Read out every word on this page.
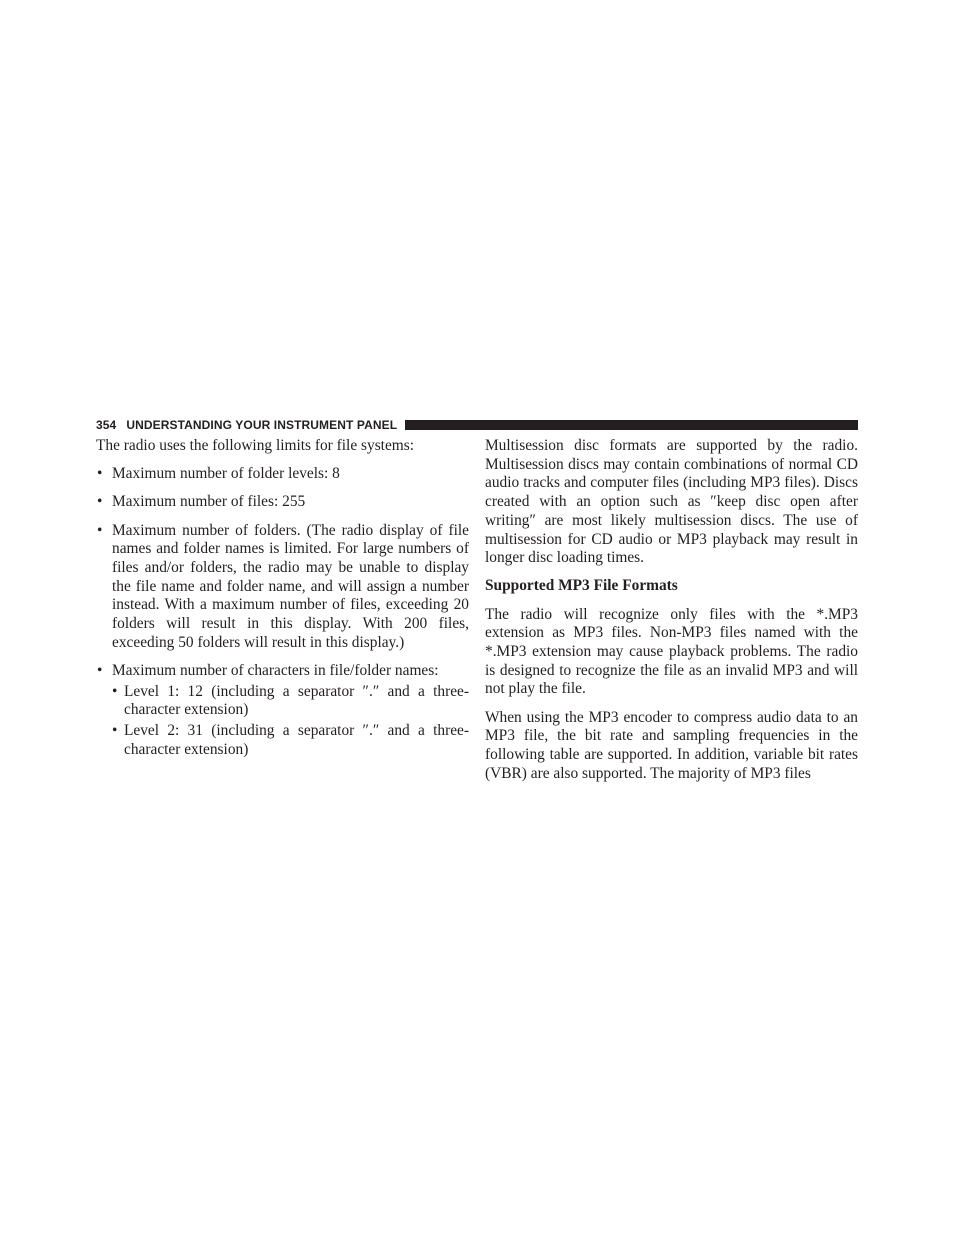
354 UNDERSTANDING YOUR INSTRUMENT PANEL

The radio uses the following limits for file systems:

• Maximum number of folder levels: 8
• Maximum number of files: 255
• Maximum number of folders. (The radio display of file names and folder names is limited. For large numbers of files and/or folders, the radio may be unable to display the file name and folder name, and will assign a number instead. With a maximum number of files, exceeding 20 folders will result in this display. With 200 files, exceeding 50 folders will result in this display.)
• Maximum number of characters in file/folder names:
• Level 1: 12 (including a separator ″.″ and a three-character extension)
• Level 2: 31 (including a separator ″.″ and a three-character extension)

Multisession disc formats are supported by the radio. Multisession discs may contain combinations of normal CD audio tracks and computer files (including MP3 files). Discs created with an option such as ″keep disc open after writing″ are most likely multisession discs. The use of multisession for CD audio or MP3 playback may result in longer disc loading times.

Supported MP3 File Formats

The radio will recognize only files with the *.MP3 extension as MP3 files. Non-MP3 files named with the *.MP3 extension may cause playback problems. The radio is designed to recognize the file as an invalid MP3 and will not play the file.

When using the MP3 encoder to compress audio data to an MP3 file, the bit rate and sampling frequencies in the following table are supported. In addition, variable bit rates (VBR) are also supported. The majority of MP3 files
